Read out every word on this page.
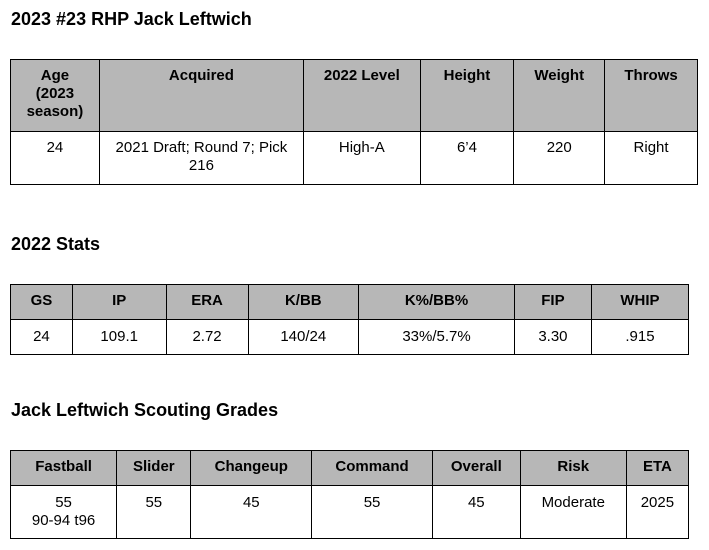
2023 #23 RHP Jack Leftwich
Age
(2023
season)	Acquired	2022 Level	Height	Weight	Throws
24	2021 Draft; Round 7; Pick 216	High-A	6’4	220	Right
2022 Stats
GS	IP	ERA	K/BB	K%/BB%	FIP	WHIP
24	109.1	2.72	140/24	33%/5.7%	3.30	.915
Jack Leftwich Scouting Grades
Fastball	Slider	Changeup	Command	Overall	Risk	ETA

55
90-94 t96	55	45	55	45	Moderate	2025
